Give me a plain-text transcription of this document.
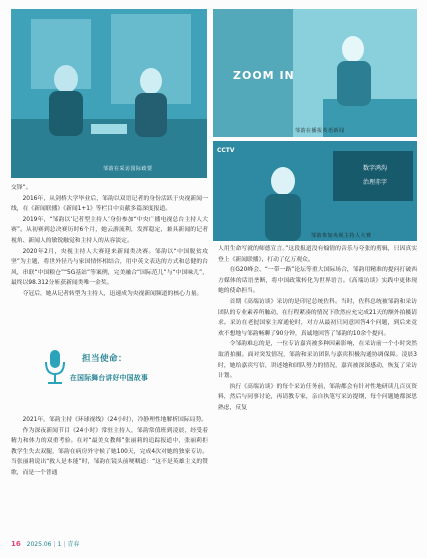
邹韵在采访国际政要
ZOOM IN
邹韵在播报英语新闻
CCTV
数字鸿沟
治理赤字
邹韵参加央视主持人大赛

交锋”。

2016年，从剑桥大学毕业后，邹韵以双语记者的身份活跃于央视新闻一线，在《新闻联播》《新闻1+1》等栏目中贡献多篇深度报道。

2019年，“邹韵以‘记者型主持人’身份参加“中央广播电视总台主持人大赛”。从初赛到总决赛历时6个月，她云游流利，发挥稳定，兼具新闻的记者视角、新闻人的敏锐触觉和主持人的从容淡定。

2020年2月，央视主持人大赛迎来新闻类决赛。邹韵以“中国脱贫攻坚”为主题，将世外径乃与家国情怀相结合，用中英文表达的方式和总健的台风，串联“中国粮仓”“5G基站”等案例，完美融合“国际范儿”与“中国味儿”，最终以98.312分斩获新闻类唯一金奖。

夺冠后，她从记者转型为主持人，迅速成为央视新闻频道的核心力量。

担当使命：
在国际舞台讲好中国故事

2021年，邹韵主持《环球视线》（24小时），冷静理性地解析国际局势。

作为深夜新闻节目《24小时》常驻主持人，邹韵常值班到凌晨，经受着精力和体力的双重考验。在对“最美女教师”张丽莉的追踪报道中，张丽莉拒教学生失去双腿，邹韵在病房外守候了她100天，完成4次对她的独家专访。当张丽莉说出“救人是本能”时，邹韵在镜头前哽咽道：“这不是英雄主义的赞歌，而是一个普通

人用生命写就的师德宣言。”这段报道没有煽情的音乐与夸张的剪辑，只因真实登上《新闻联播》，打动了亿万观众。

在G20峰会、“一带一路”论坛等重大国际场合，邹韵用精准的提问打破西方媒体的话语垄断，将中国政策转化为世界语言。《高端访谈》实践中更体现她的使命担当。

首期《高端访谈》采访的是印尼总统佐科。当时，佐科总统被邹韵和采访团队的专业素养所触动，在行程紧凑的情况下欣然应允完成21天的额外拍摄请求。采访在老挝国家主席通伦时，对方从最初只同意回答4个问题，到后来竟欢不想地与邹韵畅聊了90分钟，真诚地回答了邹韵的10余个提问。

令邹韵难忘的是，一位专访嘉宾被多种因素影响，在采访前一个小时突然取消拍摄。面对突发情况，邹韵和采访团队与嘉宾积极沟通协调保障。凌晨3时，她给嘉宾写信，讲述她和团队努力的情况，嘉宾被深深感动，恢复了采访计划。

执行《高端访谈》的每个采访任务前，邹韵都会有针对性地研读几百页资料，然后与同事讨论，再请教专家，亲自执笔写采访提纲，每个问题她都深思熟虑，反复

16 2025.06 | 1 | 青春
